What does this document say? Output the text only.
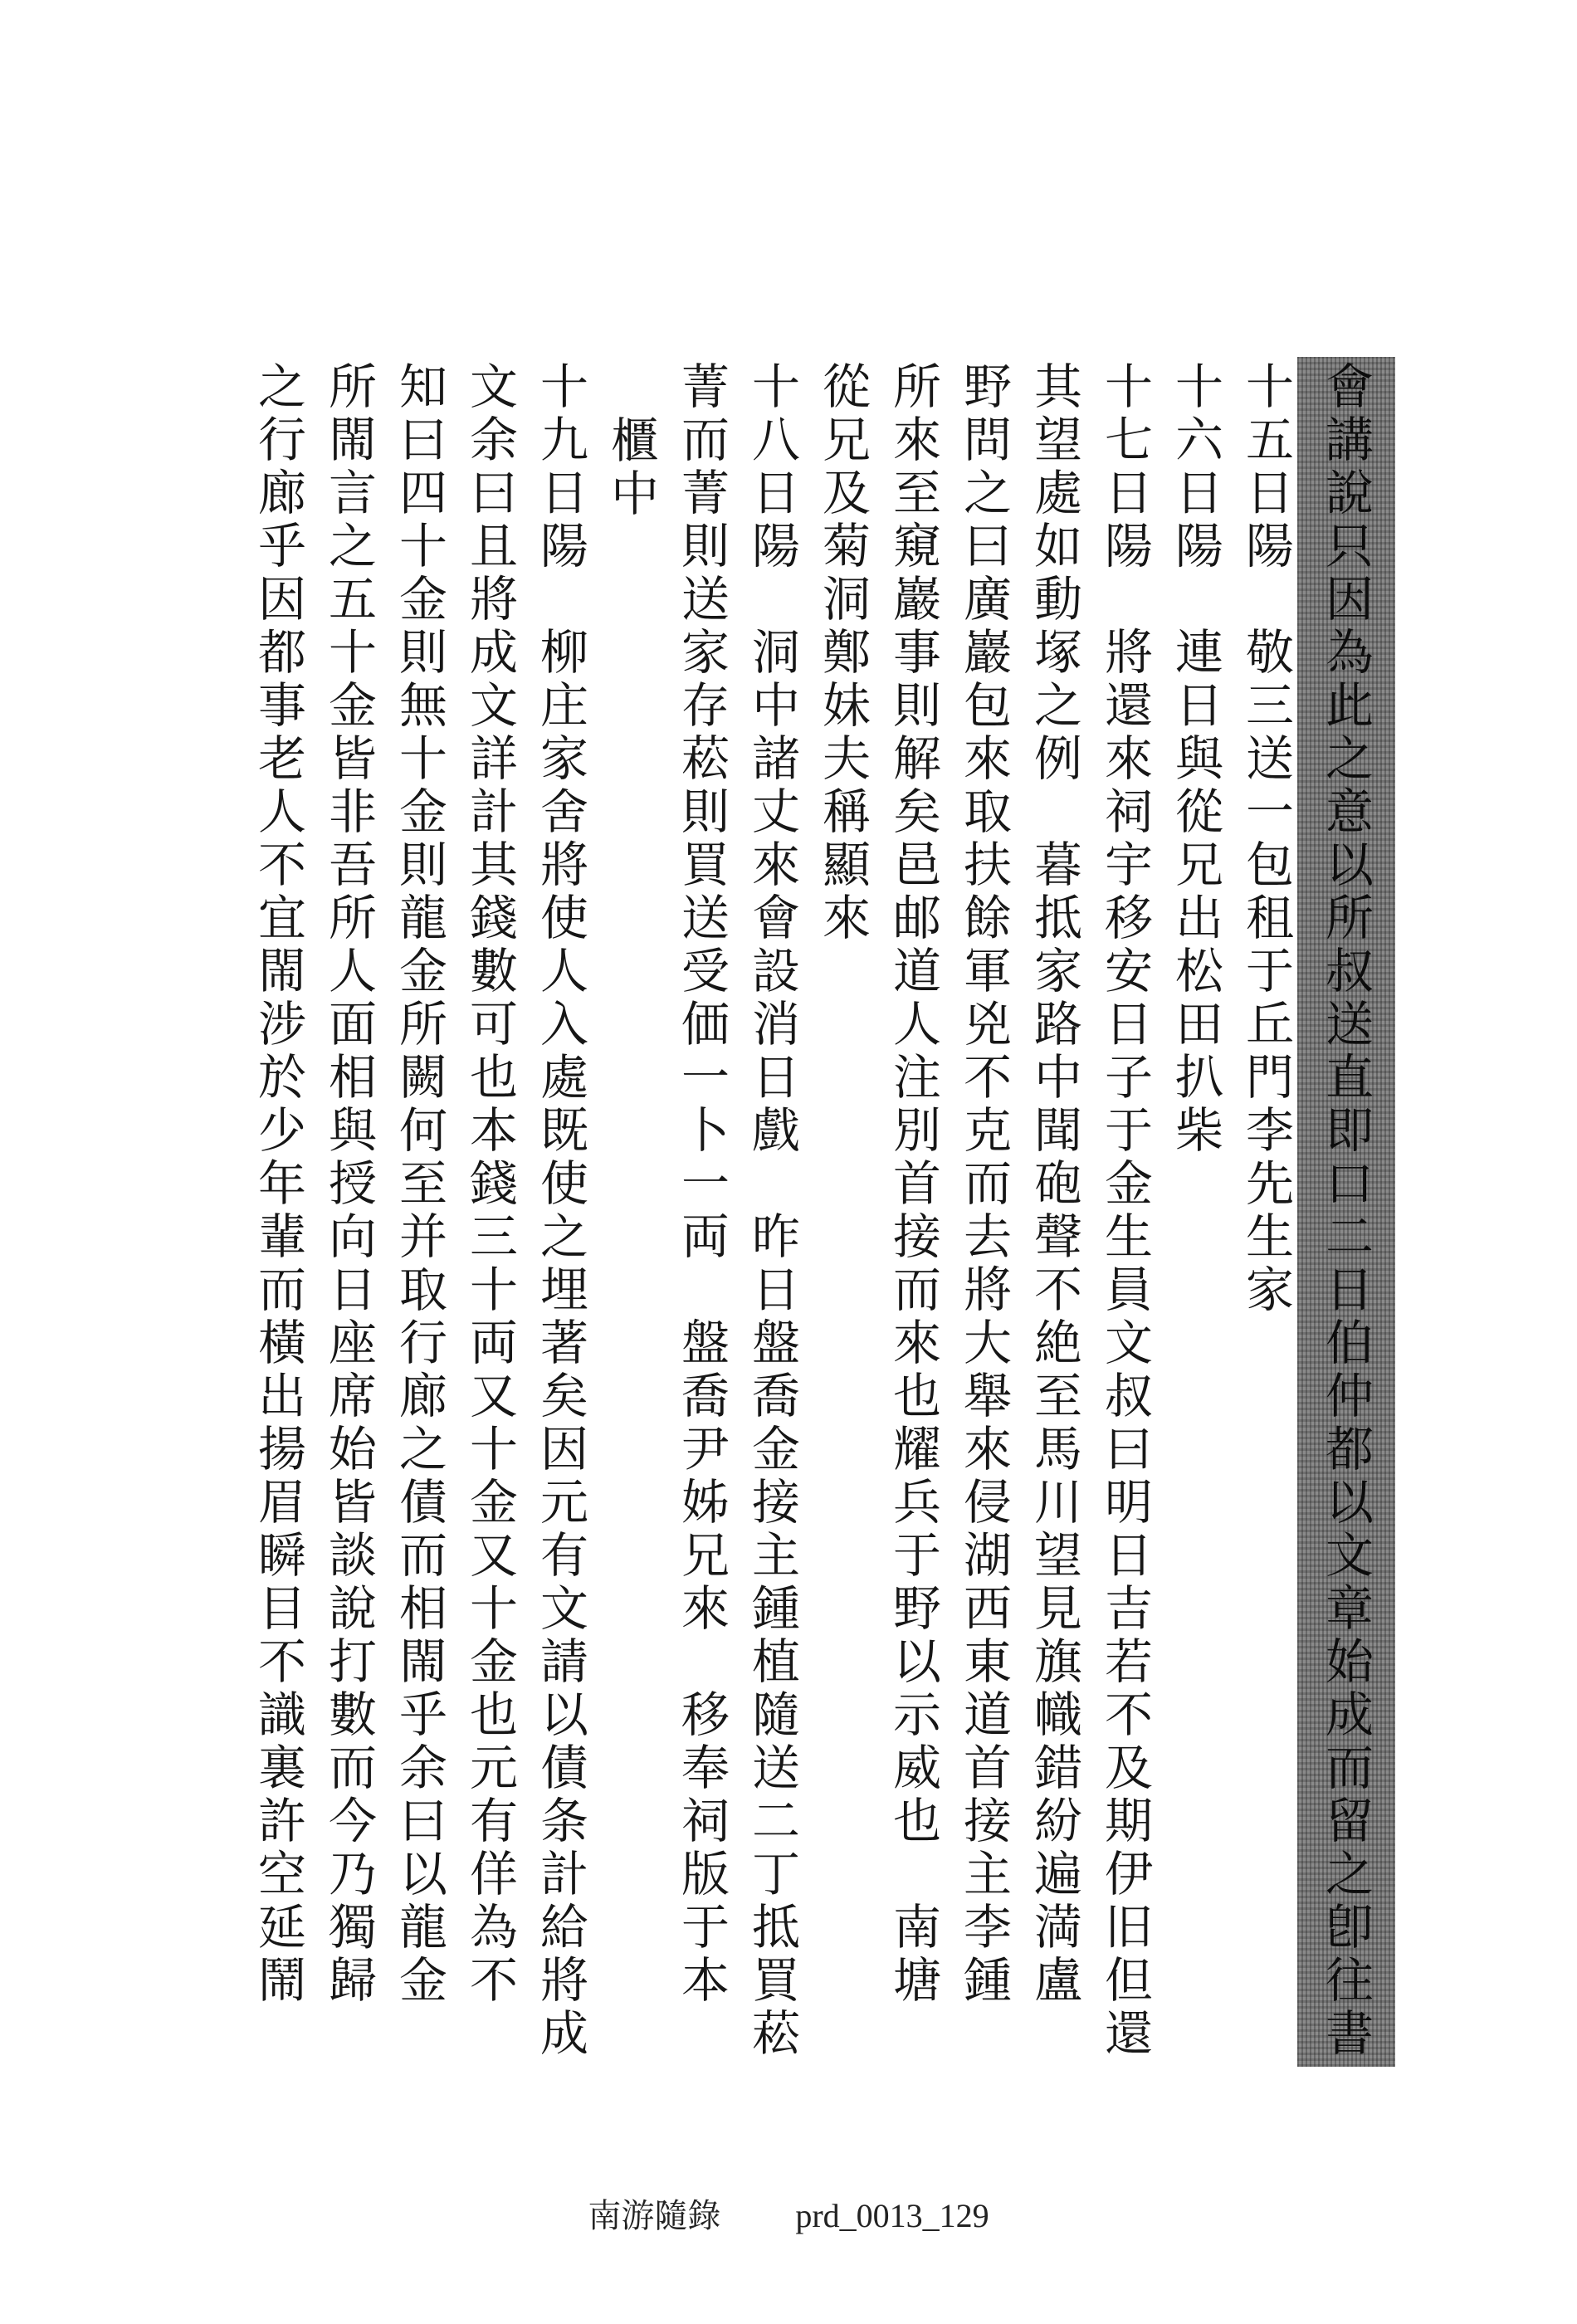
會講說只因為此之意以所叔送直即口二日伯仲都以文章始成而留之卽往書
十五日陽　敬三送一包租于丘門李先生家
十六日陽　連日與從兄出松田扒柴
十七日陽　將還來祠宇移安日子于金生員文叔曰明日吉若不及期伊旧但還
其望處如動塚之例　暮抵家路中聞砲聲不絶至馬川望見旗幟錯紛遍満盧
野問之曰廣巖包來取扶餘軍兇不克而去將大舉來侵湖西東道首接主李鍾
所來至窺巖事則解矣邑邮道人注別首接而來也耀兵于野以示威也　南塘
從兄及菊洞鄭妹夫稱顯來
十八日陽　洞中諸丈來會設消日戲　昨日盤喬金接主鍾植隨送二丁抵買菘
菁而菁則送家存菘則買送受価一卜一両　盤喬尹姊兄來　移奉祠版于本
櫃中
十九日陽　柳庄家舍將使人入處既使之埋著矣因元有文請以債条計給將成
文余曰且將成文詳計其錢數可也本錢三十両又十金又十金也元有佯為不
知曰四十金則無十金則龍金所闕何至并取行廊之債而相閙乎余曰以龍金
所閙言之五十金皆非吾所人面相與授向日座席始皆談說打數而今乃獨歸
之行廊乎因都事老人不宜閙涉於少年輩而橫出揚眉瞬目不識裏許空延鬧
南游隨錄 prd_0013_129
